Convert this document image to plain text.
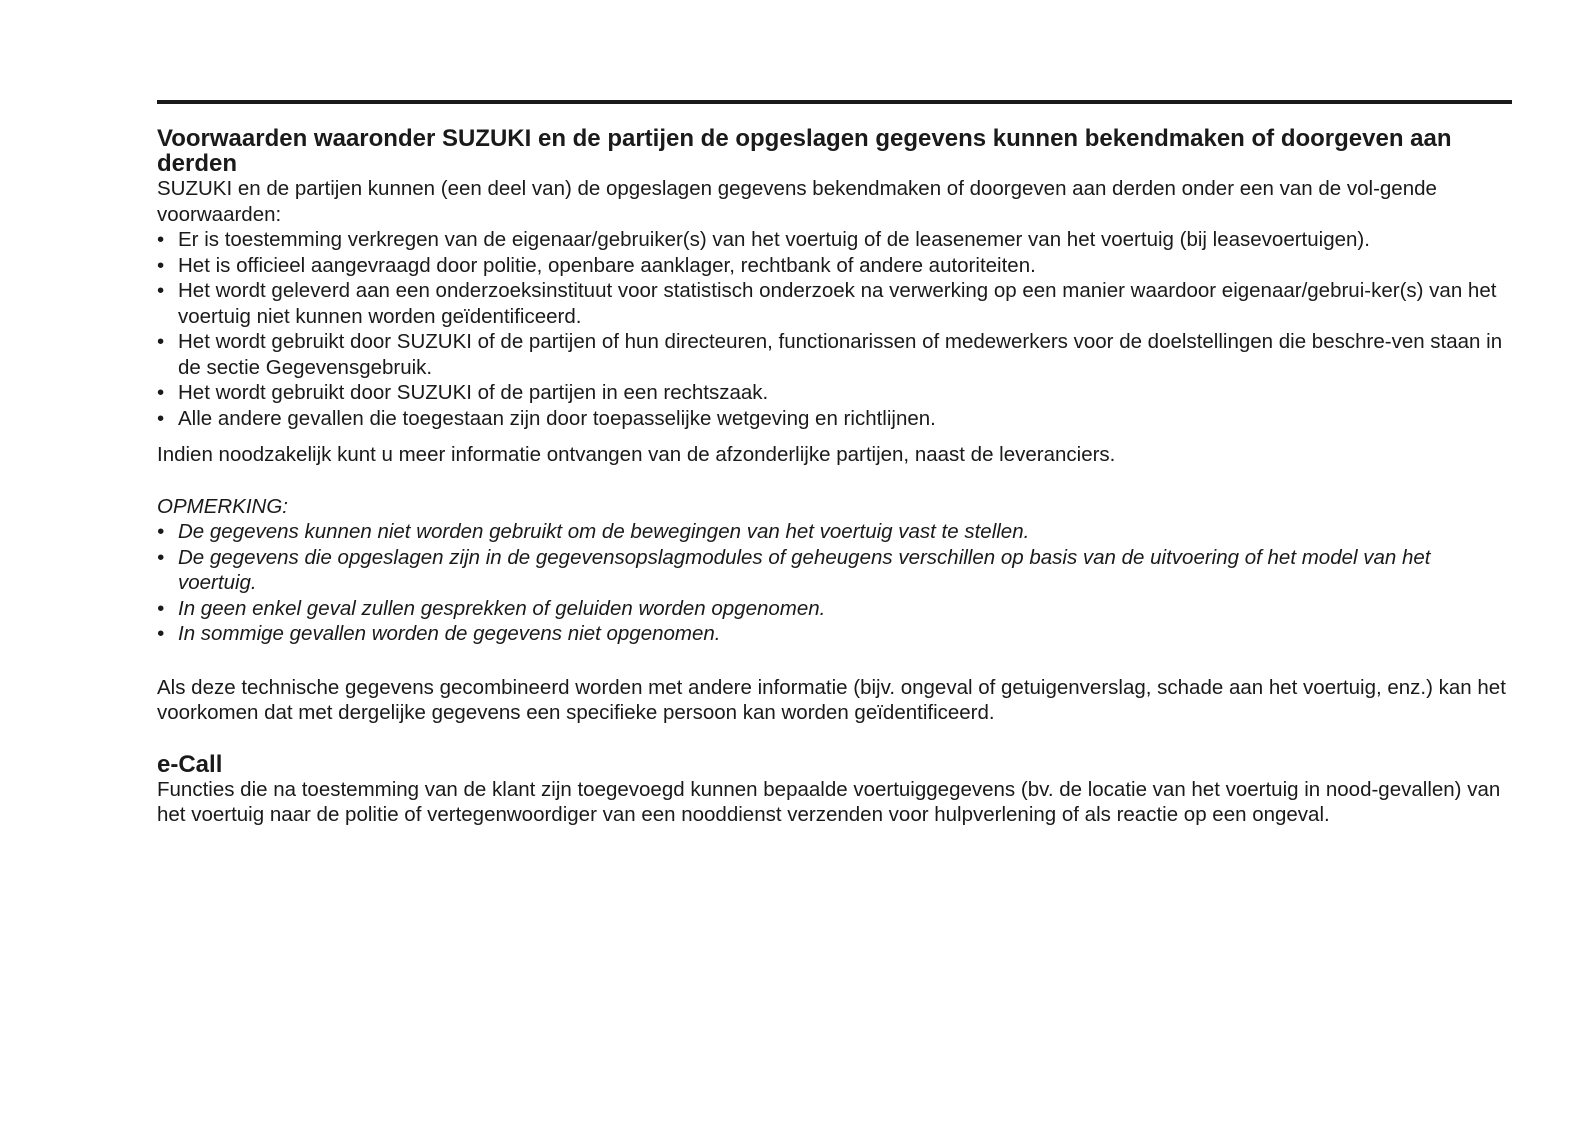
Voorwaarden waaronder SUZUKI en de partijen de opgeslagen gegevens kunnen bekendmaken of doorgeven aan derden

SUZUKI en de partijen kunnen (een deel van) de opgeslagen gegevens bekendmaken of doorgeven aan derden onder een van de vol-gende voorwaarden:

• Er is toestemming verkregen van de eigenaar/gebruiker(s) van het voertuig of de leasenemer van het voertuig (bij leasevoertuigen).
• Het is officieel aangevraagd door politie, openbare aanklager, rechtbank of andere autoriteiten.
• Het wordt geleverd aan een onderzoeksinstituut voor statistisch onderzoek na verwerking op een manier waardoor eigenaar/gebrui-ker(s) van het voertuig niet kunnen worden geïdentificeerd.
• Het wordt gebruikt door SUZUKI of de partijen of hun directeuren, functionarissen of medewerkers voor de doelstellingen die beschre-ven staan in de sectie Gegevensgebruik.
• Het wordt gebruikt door SUZUKI of de partijen in een rechtszaak.
• Alle andere gevallen die toegestaan zijn door toepasselijke wetgeving en richtlijnen.

Indien noodzakelijk kunt u meer informatie ontvangen van de afzonderlijke partijen, naast de leveranciers.

OPMERKING:

• De gegevens kunnen niet worden gebruikt om de bewegingen van het voertuig vast te stellen.
• De gegevens die opgeslagen zijn in de gegevensopslagmodules of geheugens verschillen op basis van de uitvoering of het model van het voertuig.
• In geen enkel geval zullen gesprekken of geluiden worden opgenomen.
• In sommige gevallen worden de gegevens niet opgenomen.

Als deze technische gegevens gecombineerd worden met andere informatie (bijv. ongeval of getuigenverslag, schade aan het voertuig, enz.) kan het voorkomen dat met dergelijke gegevens een specifieke persoon kan worden geïdentificeerd.

e-Call

Functies die na toestemming van de klant zijn toegevoegd kunnen bepaalde voertuiggegevens (bv. de locatie van het voertuig in nood-gevallen) van het voertuig naar de politie of vertegenwoordiger van een nooddienst verzenden voor hulpverlening of als reactie op een ongeval.
